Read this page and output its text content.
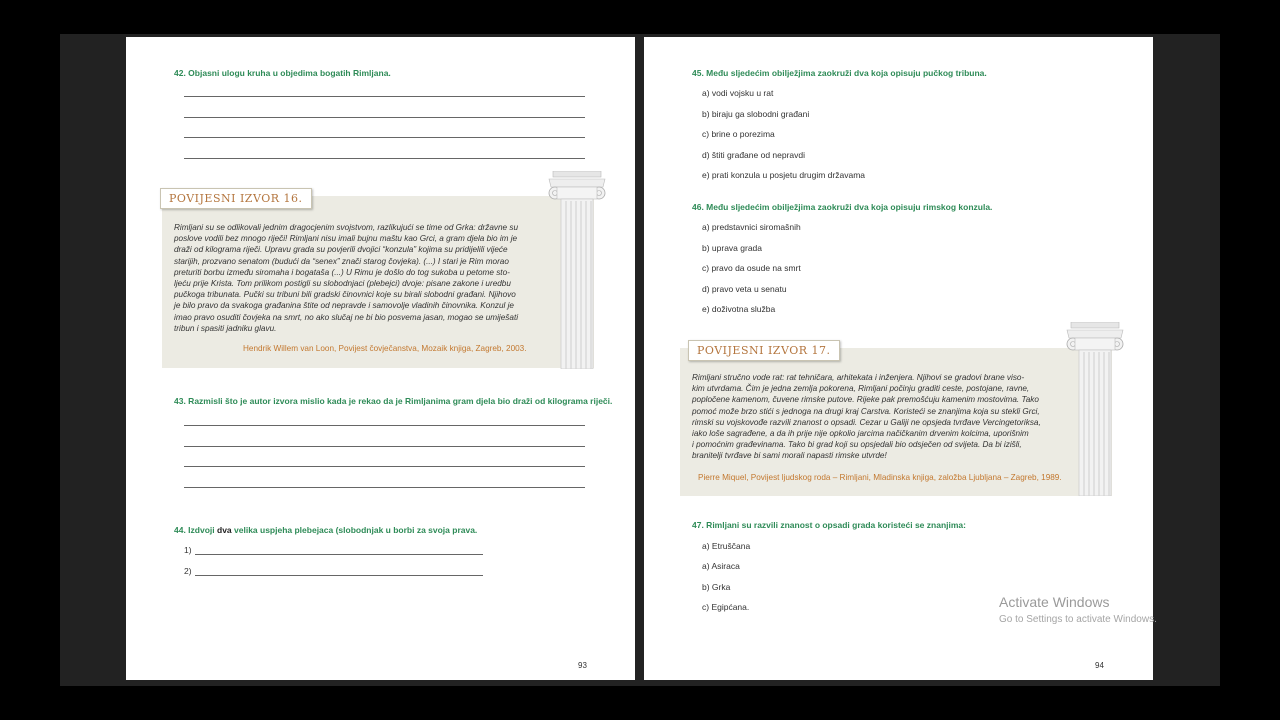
42. Objasni ulogu kruha u objedima bogatih Rimljana.
POVIJESNI IZVOR 16.
Rimljani su se odlikovali jednim dragocjenim svojstvom, razlikujući se time od Grka: državne su
poslove vodili bez mnogo riječi! Rimljani nisu imali bujnu maštu kao Grci, a gram djela bio im je
draži od kilograma riječi. Upravu grada su povjerili dvojici “konzula” kojima su pridijelili vijeće
starijih, prozvano senatom (budući da “senex” znači starog čovjeka). (...) I stari je Rim morao
preturiti borbu između siromaha i bogataša (...) U Rimu je došlo do tog sukoba u petome sto-
ljeću prije Krista. Tom prilikom postigli su slobodnjaci (plebejci) dvoje: pisane zakone i uredbu
pučkoga tribunata. Pučki su tribuni bili gradski činovnici koje su birali slobodni građani. Njihovo
je bilo pravo da svakoga građanina štite od nepravde i samovolje vladinih činovnika. Konzul je
imao pravo osuditi čovjeka na smrt, no ako slučaj ne bi bio posvema jasan, mogao se umiješati
tribun i spasiti jadniku glavu.
Hendrik Willem van Loon, Povijest čovječanstva, Mozaik knjiga, Zagreb, 2003.
43. Razmisli što je autor izvora mislio kada je rekao da je Rimljanima gram djela bio draži od kilograma riječi.
44. Izdvoji dva velika uspjeha plebejaca (slobodnjak u borbi za svoja prava.
1)
2)
93
45. Među sljedećim obilježjima zaokruži dva koja opisuju pučkog tribuna.
a) vodi vojsku u rat
b) biraju ga slobodni građani
c) brine o porezima
d) štiti građane od nepravdi
e) prati konzula u posjetu drugim državama
46. Među sljedećim obilježjima zaokruži dva koja opisuju rimskog konzula.
a) predstavnici siromašnih
b) uprava grada
c) pravo da osude na smrt
d) pravo veta u senatu
e) doživotna služba
POVIJESNI IZVOR 17.
Rimljani stručno vode rat: rat tehničara, arhitekata i inženjera. Njihovi se gradovi brane viso-
kim utvrdama. Čim je jedna zemlja pokorena, Rimljani počinju graditi ceste, postojane, ravne,
popločene kamenom, čuvene rimske putove. Rijeke pak premošćuju kamenim mostovima. Tako
pomoć može brzo stići s jednoga na drugi kraj Carstva. Koristeći se znanjima koja su stekli Grci,
rimski su vojskovođe razvili znanost o opsadi. Cezar u Galiji ne opsjeda tvrđave Vercingetoriksa,
iako loše sagrađene, a da ih prije nije opkolio jarcima načičkanim drvenim kolcima, uporišnim
i pomoćnim građevinama. Tako bi grad koji su opsjedali bio odsječen od svijeta. Da bi izišli,
branitelji tvrđave bi sami morali napasti rimske utvrde!
Pierre Miquel, Povijest ljudskog roda – Rimljani, Mladinska knjiga, založba Ljubljana – Zagreb, 1989.
47. Rimljani su razvili znanost o opsadi grada koristeći se znanjima:
a) Etruščana
a) Asiraca
b) Grka
c) Egipćana.
94
Activate Windows
Go to Settings to activate Windows.
